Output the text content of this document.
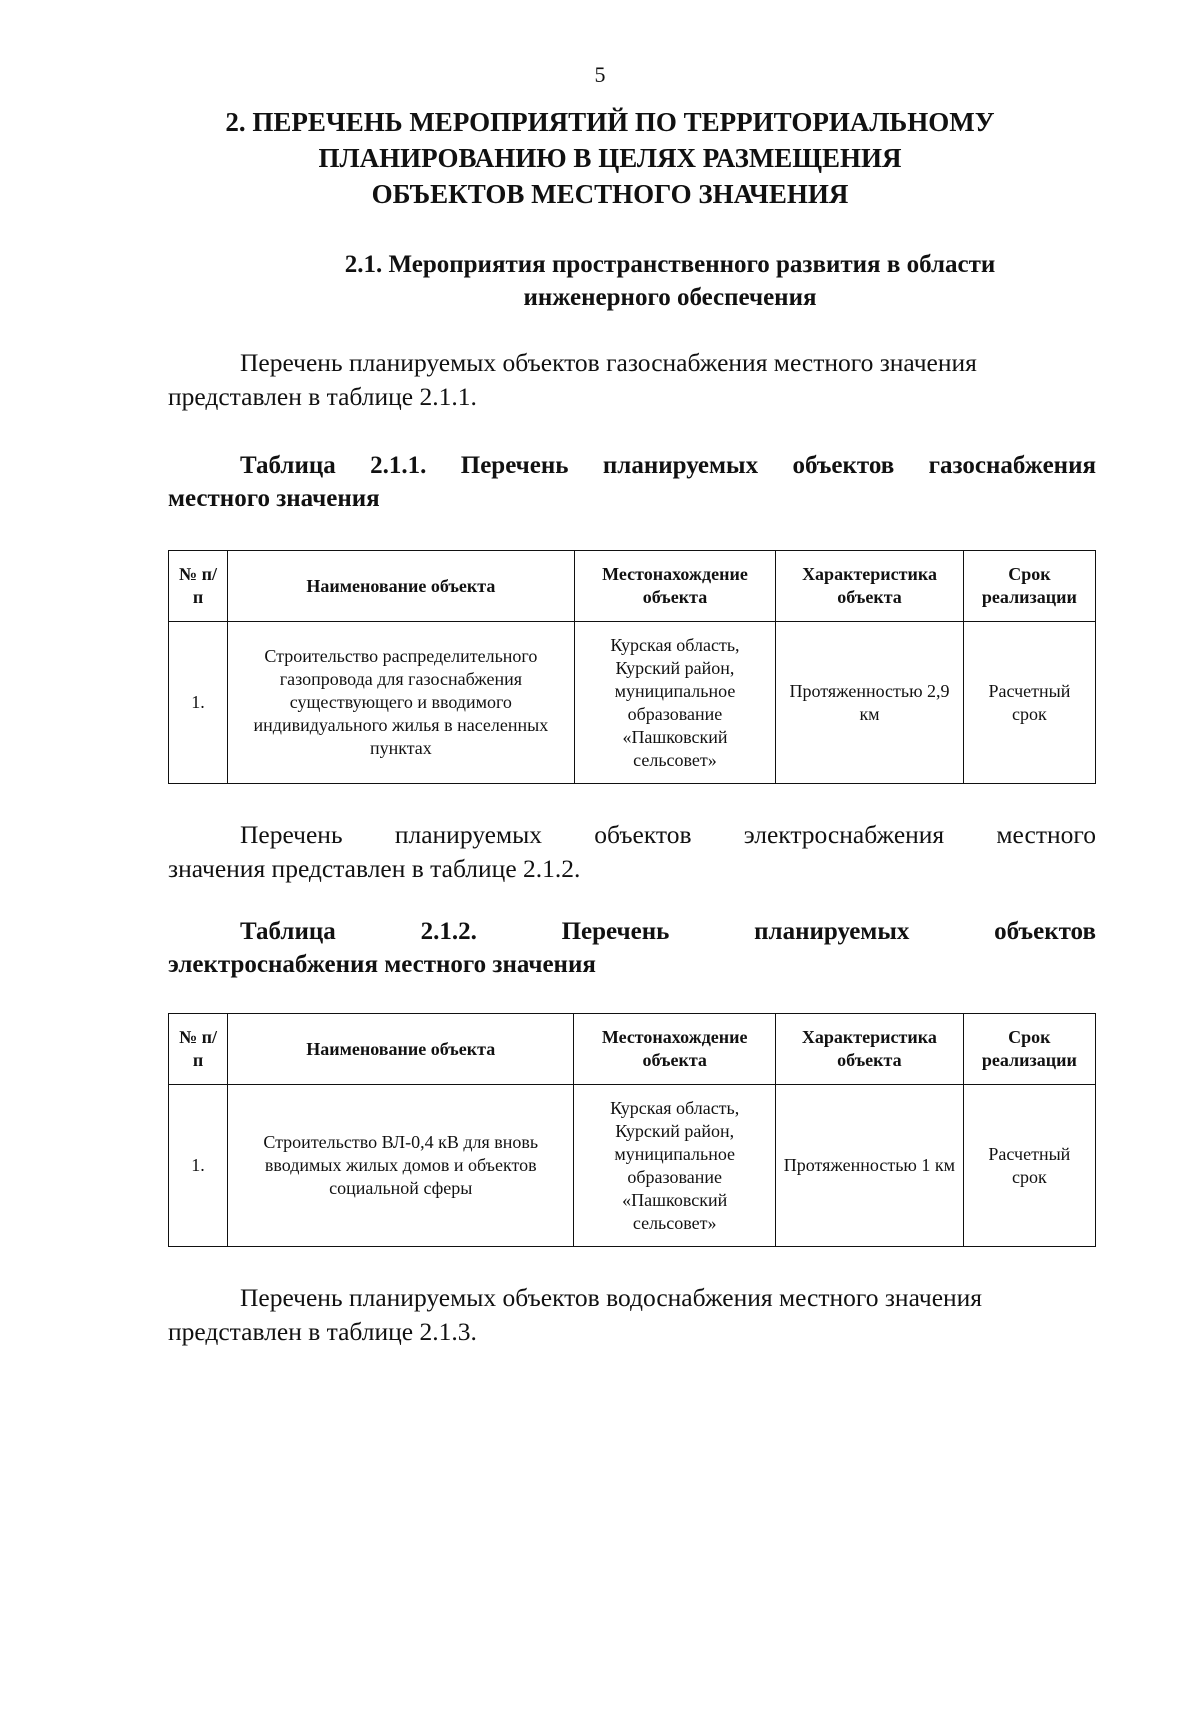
5
2. ПЕРЕЧЕНЬ МЕРОПРИЯТИЙ ПО ТЕРРИТОРИАЛЬНОМУ
ПЛАНИРОВАНИЮ В ЦЕЛЯХ РАЗМЕЩЕНИЯ
ОБЪЕКТОВ МЕСТНОГО ЗНАЧЕНИЯ
2.1. Мероприятия пространственного развития в области
инженерного обеспечения
Перечень планируемых объектов газоснабжения местного значения
представлен в таблице 2.1.1.
Таблица 2.1.1. Перечень планируемых объектов газоснабжения
местного значения
№ п/п	Наименование объекта	Местонахождение объекта	Характеристика объекта	Срок реализации
1.	Строительство распределительного газопровода для газоснабжения существующего и вводимого индивидуального жилья в населенных пунктах	Курская область, Курский район, муниципальное образование «Пашковский сельсовет»	Протяженностью 2,9 км	Расчетный срок
Перечень планируемых объектов электроснабжения местного
значения представлен в таблице 2.1.2.
Таблица	2.1.2.	Перечень	планируемых	объектов
электроснабжения местного значения
№ п/п	Наименование объекта	Местонахождение объекта	Характеристика объекта	Срок реализации
1.	Строительство ВЛ-0,4 кВ для вновь вводимых жилых домов и объектов социальной сферы	Курская область, Курский район, муниципальное образование «Пашковский сельсовет»	Протяженностью 1 км	Расчетный срок
Перечень планируемых объектов водоснабжения местного значения
представлен в таблице 2.1.3.
